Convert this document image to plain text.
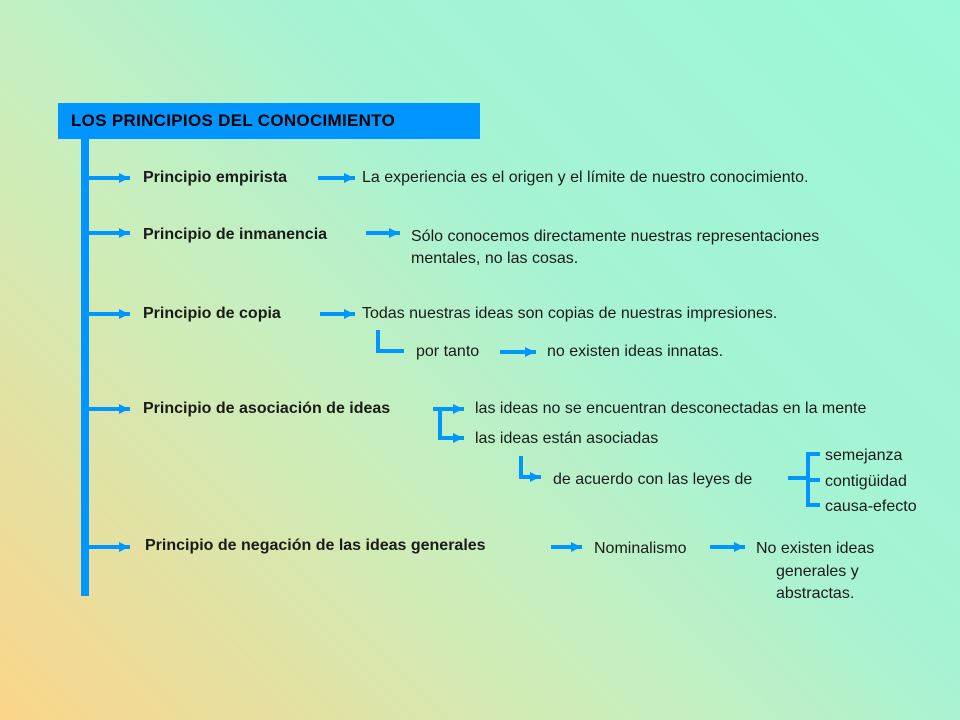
LOS PRINCIPIOS DEL CONOCIMIENTO
Principio empirista	La experiencia es el origen y el límite de nuestro conocimiento.
Principio de inmanencia	Sólo conocemos directamente nuestras representaciones
mentales, no las cosas.
Principio de copia	Todas nuestras ideas son copias de nuestras impresiones.
por tanto	no existen ideas innatas.
Principio de asociación de ideas	las ideas no se encuentran desconectadas en la mente
las ideas están asociadas
de acuerdo con las leyes de
semejanza
contigüidad
causa-efecto
Principio de negación de las ideas generales	Nominalismo	No existen ideas
generales y
abstractas.
